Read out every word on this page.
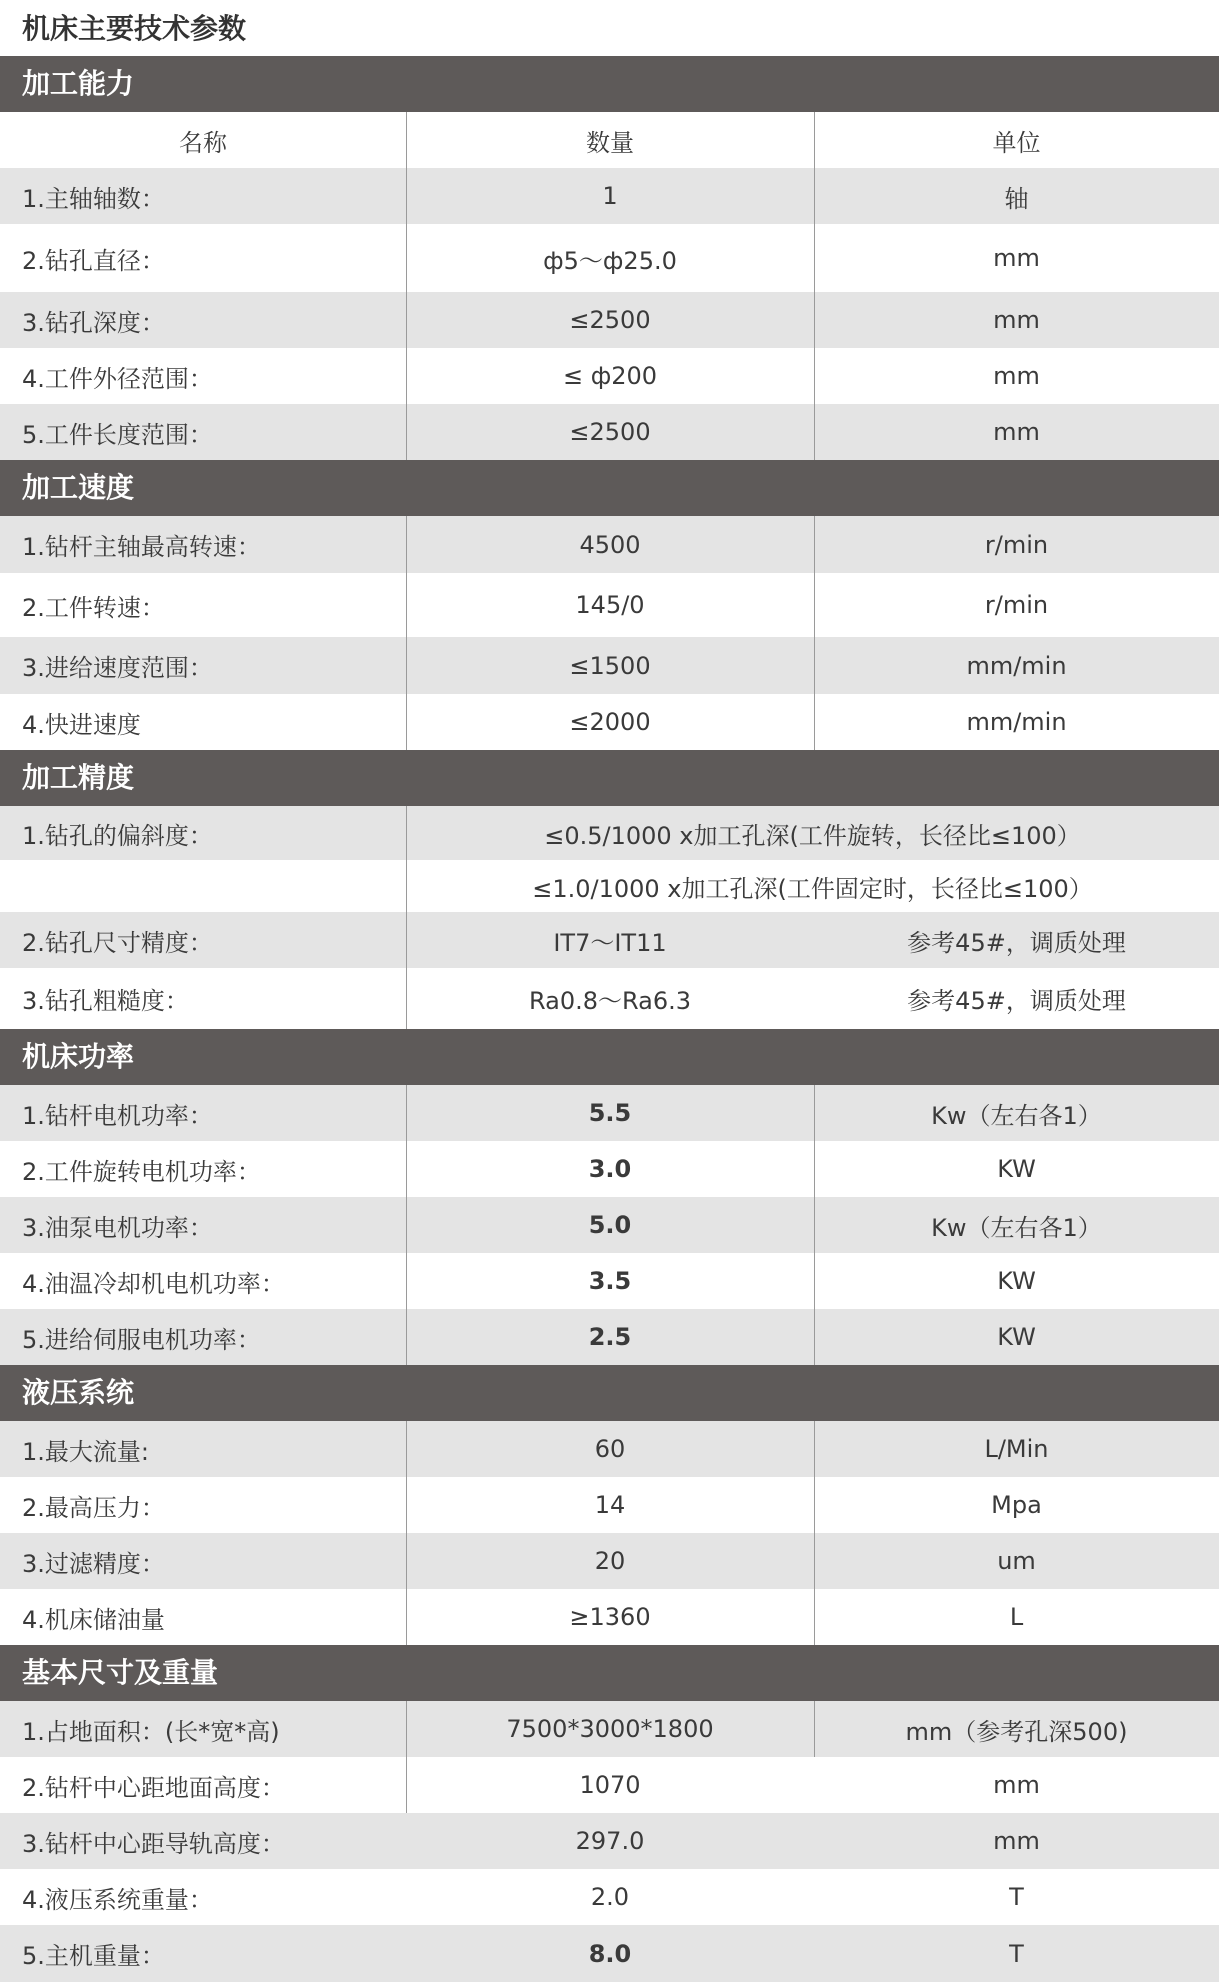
机床主要技术参数
加工能力
名称	数量	单位
1.主轴轴数：	1	轴
2.钻孔直径：	ф5～ф25.0	mm
3.钻孔深度：	≤2500	mm
4.工件外径范围：	≤ ф200	mm
5.工件长度范围：	≤2500	mm
加工速度
1.钻杆主轴最高转速：	4500	r/min
2.工件转速：	145/0	r/min
3.进给速度范围：	≤1500	mm/min
4.快进速度	≤2000	mm/min
加工精度
1.钻孔的偏斜度：	≤0.5/1000 x加工孔深(工件旋转，长径比≤100）
≤1.0/1000 x加工孔深(工件固定时，长径比≤100）
2.钻孔尺寸精度：	IT7～IT11	参考45#，调质处理
3.钻孔粗糙度：	Ra0.8～Ra6.3	参考45#，调质处理
机床功率
1.钻杆电机功率：	5.5	Kw（左右各1）
2.工件旋转电机功率：	3.0	KW
3.油泵电机功率：	5.0	Kw（左右各1）
4.油温冷却机电机功率：	3.5	KW
5.进给伺服电机功率：	2.5	KW
液压系统
1.最大流量:	60	L/Min
2.最高压力：	14	Mpa
3.过滤精度：	20	um
4.机床储油量	≥1360	L
基本尺寸及重量
1.占地面积：(长*宽*高)	7500*3000*1800	mm（参考孔深500)
2.钻杆中心距地面高度：	1070	mm
3.钻杆中心距导轨高度：	297.0	mm
4.液压系统重量：	2.0	T
5.主机重量：	8.0	T
